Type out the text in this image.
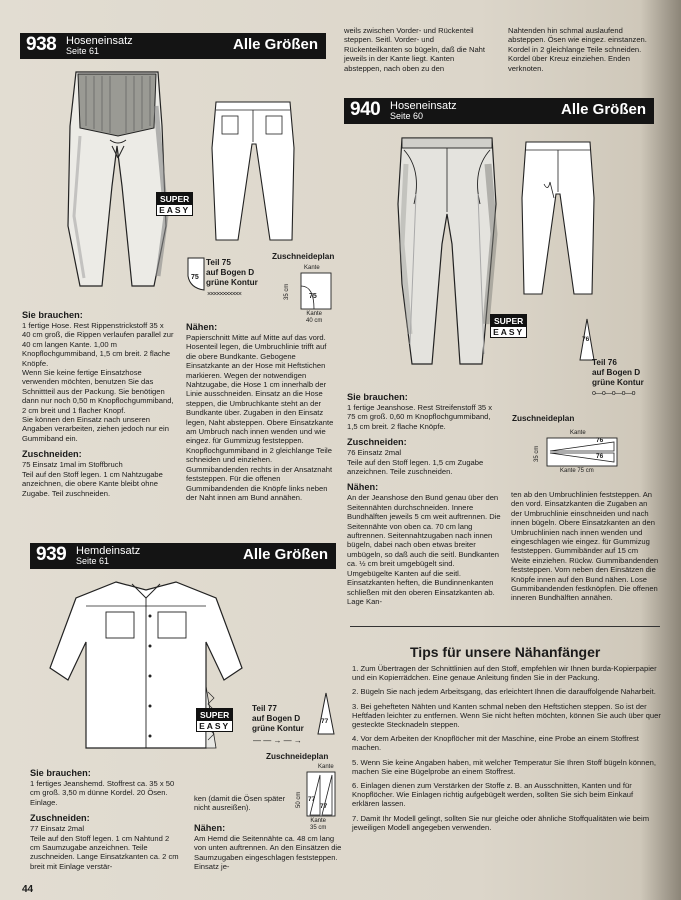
weils zwischen Vorder- und Rückenteil steppen. Seitl. Vorder- und Rückenteilkanten so bügeln, daß die Naht jeweils in der Kante liegt. Kanten absteppen, nach oben zu den
Nahtenden hin schmal auslaufend absteppen. Ösen wie eingez. einstanzen. Kordel in 2 gleichlange Teile schneiden. Kordel über Kreuz einziehen. Enden verknoten.
938 Hoseneinsatz
Seite 61	Alle Größen
SUPER
EASY
75
Teil 75
auf Bogen D
grüne Kontur
×××××××××××
Zuschneideplan
Kante
75
35 cm
Kante
40 cm
Sie brauchen:

1 fertige Hose. Rest Rippenstrickstoff 35 x 40 cm groß, die Rippen verlaufen parallel zur 40 cm langen Kante. 1,00 m Knopflochgummiband, 1,5 cm breit. 2 flache Knöpfe.

Wenn Sie keine fertige Einsatzhose verwenden möchten, benutzen Sie das Schnittteil aus der Packung. Sie benötigen dann nur noch 0,50 m Knopflochgummiband, 2 cm breit und 1 flacher Knopf.

Sie können den Einsatz nach unseren Angaben verarbeiten, ziehen jedoch nur ein Gummiband ein.

Zuschneiden:

75 Einsatz 1mal im Stoffbruch

Teil auf den Stoff legen. 1 cm Nahtzugabe anzeichnen, die obere Kante bleibt ohne Zugabe. Teil zuschneiden.

Nähen:

Papierschnitt Mitte auf Mitte auf das vord. Hosenteil legen, die Umbruchlinie trifft auf die obere Bundkante. Gebogene Einsatzkante an der Hose mit Heftstichen markieren. Wegen der notwendigen Nahtzugabe, die Hose 1 cm innerhalb der Linie ausschneiden. Einsatz an die Hose steppen, die Umbruchkante steht an der Bundkante über. Zugaben in den Einsatz legen, Naht absteppen. Obere Einsatzkante am Umbruch nach innen wenden und wie eingez. für Gummizug feststeppen. Knopflochgummiband in 2 gleichlange Teile schneiden und einziehen. Gummibandenden rechts in der Ansatznaht feststeppen. Für die offenen Gummibandenden die Knöpfe links neben der Naht innen am Bund annähen.

940 Hoseneinsatz
Seite 60	Alle Größen
SUPER
EASY
76
Teil 76
auf Bogen D
grüne Kontur
o—o—o—o—o
Zuschneideplan
Kante
76
76
35 cm
Kante 75 cm
Sie brauchen:

1 fertige Jeanshose. Rest Streifenstoff 35 x 75 cm groß. 0,60 m Knopflochgummiband, 1,5 cm breit. 2 flache Knöpfe.

Zuschneiden:

76 Einsatz 2mal

Teile auf den Stoff legen. 1,5 cm Zugabe anzeichnen. Teile zuschneiden.

Nähen:

An der Jeanshose den Bund genau über den Seitennähten durchschneiden. Innere Bundhälften jeweils 5 cm weit auftrennen. Die Seitennähte von oben ca. 70 cm lang auftrennen. Seitennahtzugaben nach innen bügeln, dabei nach oben etwas breiter umbügeln, so daß auch die seitl. Bundkanten ca. ½ cm breit umgebügelt sind. Umgebügelte Kanten auf die seitl. Einsatzkanten heften, die Bundinnenkanten schließen mit den oberen Einsatzkanten ab. Lage Kan-

ten ab den Umbruchlinien feststeppen. An den vord. Einsatzkanten die Zugaben an der Umbruchlinie einschneiden und nach innen bügeln. Obere Einsatzkanten an den Umbruchlinien nach innen wenden und eingeschlagen wie eingez. für Gummizug feststeppen. Gummibänder auf 15 cm Weite einziehen. Rückw. Gummibandenden feststeppen. Vorn neben den Einsätzen die Knöpfe innen auf den Bund nähen. Lose Gummibandenden festknöpfen. Die offenen inneren Bundhälften annähen.

939 Hemdeinsatz
Seite 61	Alle Größen
SUPER
EASY
Teil 77
auf Bogen D
grüne Kontur
— — → — →
77
Zuschneideplan
Kante
77
77
50 cm
Kante
35 cm
Sie brauchen:

1 fertiges Jeanshemd. Stoffrest ca. 35 x 50 cm groß. 3,50 m dünne Kordel. 20 Ösen. Einlage.

Zuschneiden:

77 Einsatz 2mal

Teile auf den Stoff legen. 1 cm Nahtund 2 cm Saumzugabe anzeichnen. Teile zuschneiden. Lange Einsatzkanten ca. 2 cm breit mit Einlage verstär-

ken (damit die Ösen später nicht ausreißen).
Nähen:

Am Hemd die Seitennähte ca. 48 cm lang von unten auftrennen. An den Einsätzen die Saumzugaben eingeschlagen feststeppen. Einsatz je-

Tips für unsere Nähanfänger
1. Zum Übertragen der Schnittlinien auf den Stoff, empfehlen wir Ihnen burda-Kopierpapier und ein Kopierrädchen. Eine genaue Anleitung finden Sie in der Packung.
2. Bügeln Sie nach jedem Arbeitsgang, das erleichtert Ihnen die darauffolgende Naharbeit.
3. Bei gehefteten Nähten und Kanten schmal neben den Heftstichen steppen. So ist der Heftfaden leichter zu entfernen. Wenn Sie nicht heften möchten, können Sie auch über quer gesteckte Stecknadeln steppen.
4. Vor dem Arbeiten der Knopflöcher mit der Maschine, eine Probe an einem Stoffrest machen.
5. Wenn Sie keine Angaben haben, mit welcher Temperatur Sie Ihren Stoff bügeln können, machen Sie eine Bügelprobe an einem Stoffrest.
6. Einlagen dienen zum Verstärken der Stoffe z. B. an Ausschnitten, Kanten und für Knopflöcher. Wie Einlagen richtig aufgebügelt werden, sollten Sie sich beim Einkauf erklären lassen.
7. Damit Ihr Modell gelingt, sollten Sie nur gleiche oder ähnliche Stoffqualitäten wie beim jeweiligen Modell angegeben verwenden.
44
